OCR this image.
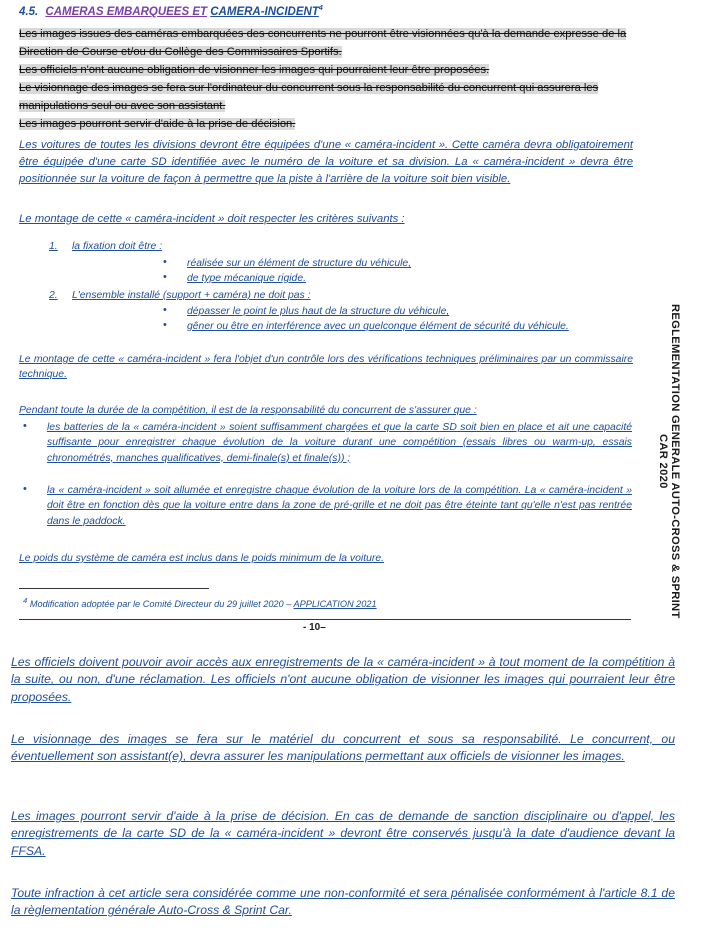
4.5. CAMERAS EMBARQUEES ET CAMERA-INCIDENT$^4$
Les images issues des caméras embarquées des concurrents ne pourront être visionnées qu'à la demande expresse de la Direction de Course et/ou du Collège des Commissaires Sportifs.
Les officiels n'ont aucune obligation de visionner les images qui pourraient leur être proposées.
Le visionnage des images se fera sur l'ordinateur du concurrent sous la responsabilité du concurrent qui assurera les manipulations seul ou avec son assistant.
Les images pourront servir d'aide à la prise de décision.
Les voitures de toutes les divisions devront être équipées d'une « caméra-incident ». Cette caméra devra obligatoirement être équipée d'une carte SD identifiée avec le numéro de la voiture et sa division. La « caméra-incident » devra être positionnée sur la voiture de façon à permettre que la piste à l'arrière de la voiture soit bien visible.
Le montage de cette « caméra-incident » doit respecter les critères suivants :
1. la fixation doit être :
• réalisée sur un élément de structure du véhicule,
• de type mécanique rigide.
2. L'ensemble installé (support + caméra) ne doit pas :
• dépasser le point le plus haut de la structure du véhicule,
• gêner ou être en interférence avec un quelconque élément de sécurité du véhicule.
Le montage de cette « caméra-incident » fera l'objet d'un contrôle lors des vérifications techniques préliminaires par un commissaire technique.
Pendant toute la durée de la compétition, il est de la responsabilité du concurrent de s'assurer que :
• les batteries de la « caméra-incident » soient suffisamment chargées et que la carte SD soit bien en place et ait une capacité suffisante pour enregistrer chaque évolution de la voiture durant une compétition (essais libres ou warm-up, essais chronométrés, manches qualificatives, demi-finale(s) et finale(s)) ;
• la « caméra-incident » soit allumée et enregistre chaque évolution de la voiture lors de la compétition. La « caméra-incident » doit être en fonction dès que la voiture entre dans la zone de pré-grille et ne doit pas être éteinte tant qu'elle n'est pas rentrée dans le paddock.
Le poids du système de caméra est inclus dans le poids minimum de la voiture.
$^4$ Modification adoptée par le Comité Directeur du 29 juillet 2020 – APPLICATION 2021
- 10–
REGLEMENTATION GENERALE AUTO-CROSS & SPRINT CAR 2020
Les officiels doivent pouvoir avoir accès aux enregistrements de la « caméra-incident » à tout moment de la compétition à la suite, ou non, d'une réclamation. Les officiels n'ont aucune obligation de visionner les images qui pourraient leur être proposées.
Le visionnage des images se fera sur le matériel du concurrent et sous sa responsabilité. Le concurrent, ou éventuellement son assistant(e), devra assurer les manipulations permettant aux officiels de visionner les images.
Les images pourront servir d'aide à la prise de décision. En cas de demande de sanction disciplinaire ou d'appel, les enregistrements de la carte SD de la « caméra-incident » devront être conservés jusqu'à la date d'audience devant la FFSA.
Toute infraction à cet article sera considérée comme une non-conformité et sera pénalisée conformément à l'article 8.1 de la règlementation générale Auto-Cross & Sprint Car.
